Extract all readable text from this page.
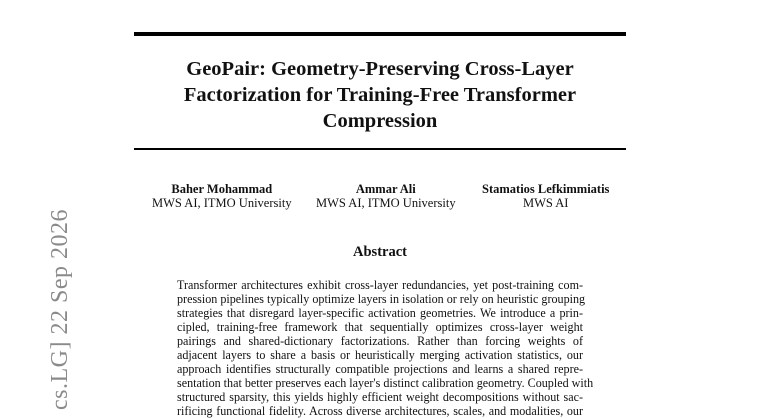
GeoPair: Geometry-Preserving Cross-Layer
Factorization for Training-Free Transformer
Compression
Baher Mohammad
MWS AI, ITMO University
Ammar Ali
MWS AI, ITMO University
Stamatios Lefkimmiatis
MWS AI
Abstract
Transformer architectures exhibit cross-layer redundancies, yet post-training com-
pression pipelines typically optimize layers in isolation or rely on heuristic grouping
strategies that disregard layer-specific activation geometries. We introduce a prin-
cipled, training-free framework that sequentially optimizes cross-layer weight
pairings and shared-dictionary factorizations. Rather than forcing weights of
adjacent layers to share a basis or heuristically merging activation statistics, our
approach identifies structurally compatible projections and learns a shared repre-
sentation that better preserves each layer's distinct calibration geometry. Coupled with
structured sparsity, this yields highly efficient weight decompositions without sac-
rificing functional fidelity. Across diverse architectures, scales, and modalities, our
cs.LG] 22 Sep 2026
